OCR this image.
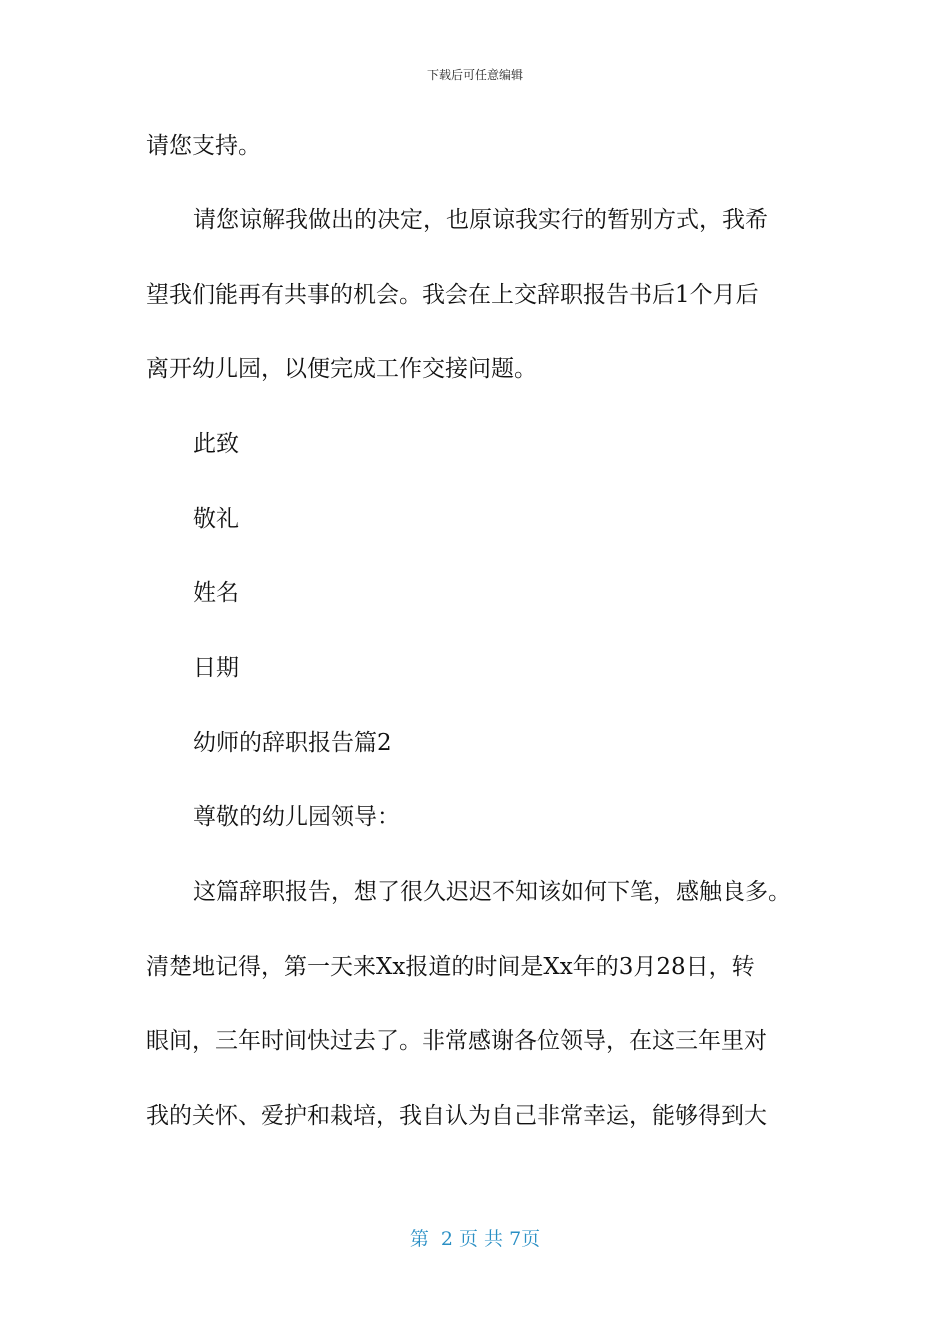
下载后可任意编辑
请您支持。
请您谅解我做出的决定，也原谅我实行的暂别方式，我希
望我们能再有共事的机会。我会在上交辞职报告书后1个月后
离开幼儿园，以便完成工作交接问题。
此致
敬礼
姓名
日期
幼师的辞职报告篇2
尊敬的幼儿园领导：
这篇辞职报告，想了很久迟迟不知该如何下笔，感触良多。
清楚地记得，第一天来Xx报道的时间是Xx年的3月28日，转
眼间，三年时间快过去了。非常感谢各位领导，在这三年里对
我的关怀、爱护和栽培，我自认为自己非常幸运，能够得到大
第  2 页 共 7页
